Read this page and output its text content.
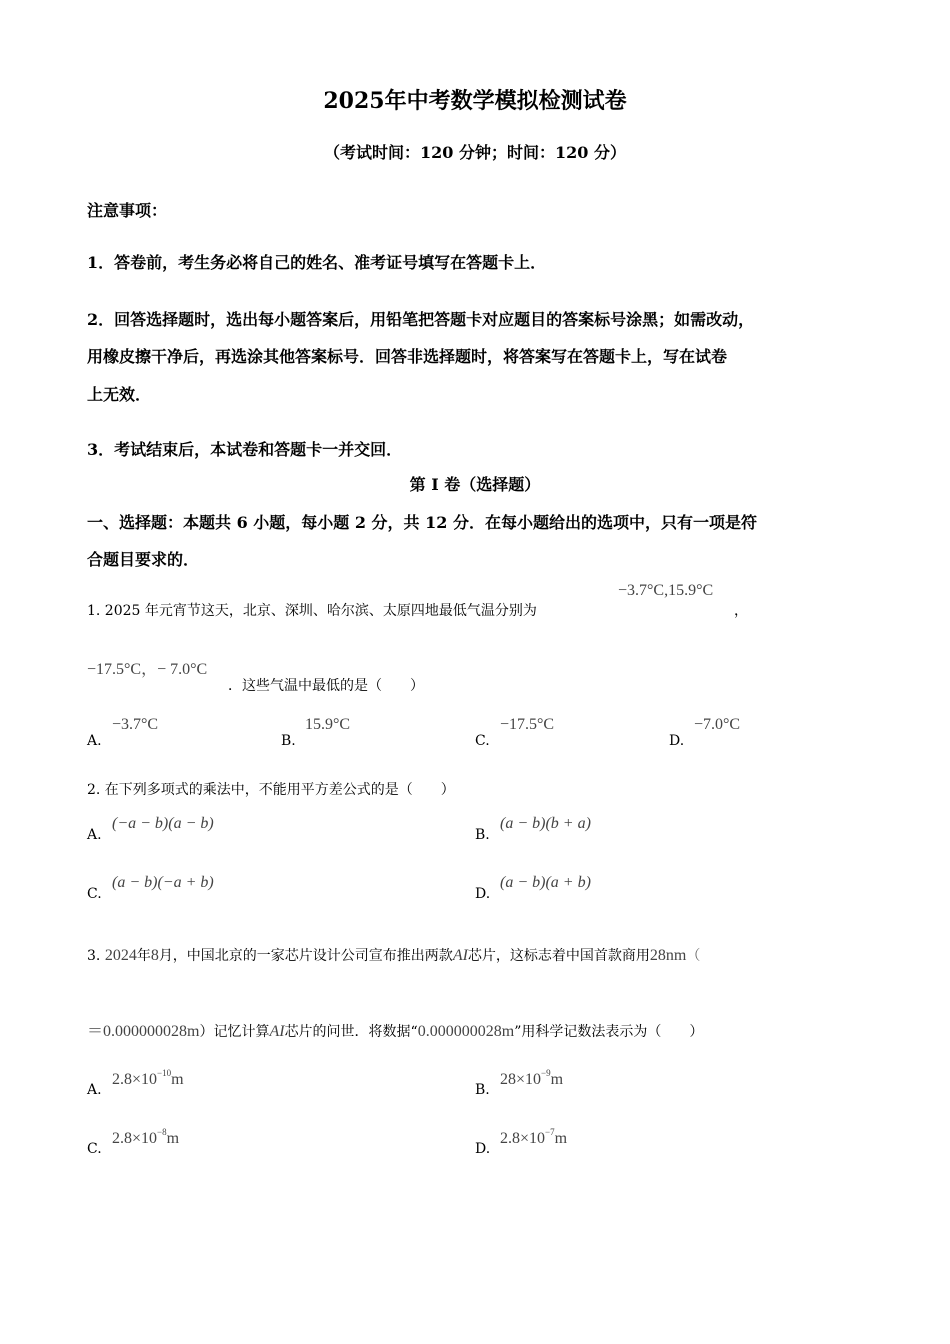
2025年中考数学模拟检测试卷
（考试时间：120 分钟；时间：120 分）
注意事项：
1．答卷前，考生务必将自己的姓名、准考证号填写在答题卡上．
2．回答选择题时，选出每小题答案后，用铅笔把答题卡对应题目的答案标号涂黑；如需改动，
用橡皮擦干净后，再选涂其他答案标号．回答非选择题时，将答案写在答题卡上，写在试卷
上无效．
3．考试结束后，本试卷和答题卡一并交回．
第 I 卷（选择题）
一、选择题：本题共 6 小题，每小题 2 分，共 12 分．在每小题给出的选项中，只有一项是符
合题目要求的．
1. 2025 年元宵节这天，北京、深圳、哈尔滨、太原四地最低气温分别为
−3.7°C,15.9°C
，
−17.5°C，− 7.0°C
．这些气温中最低的是（　　）
A.
−3.7°C
B.
15.9°C
C.
−17.5°C
D.
−7.0°C
2. 在下列多项式的乘法中，不能用平方差公式的是（　　）
A.
(−a − b)(a − b)
B.
(a − b)(b + a)
C.
(a − b)(−a + b)
D.
(a − b)(a + b)
3. 2024年8月，中国北京的一家芯片设计公司宣布推出两款AI芯片，这标志着中国首款商用28nm（
＝0.000000028m）记忆计算AI芯片的问世．将数据“0.000000028m”用科学记数法表示为（　　）
A.
$2.8\times 10^{-10}m$
B.
$28\times 10^{-9}m$
C.
$2.8\times 10^{-8}m$
D.
$2.8\times 10^{-7}m$
